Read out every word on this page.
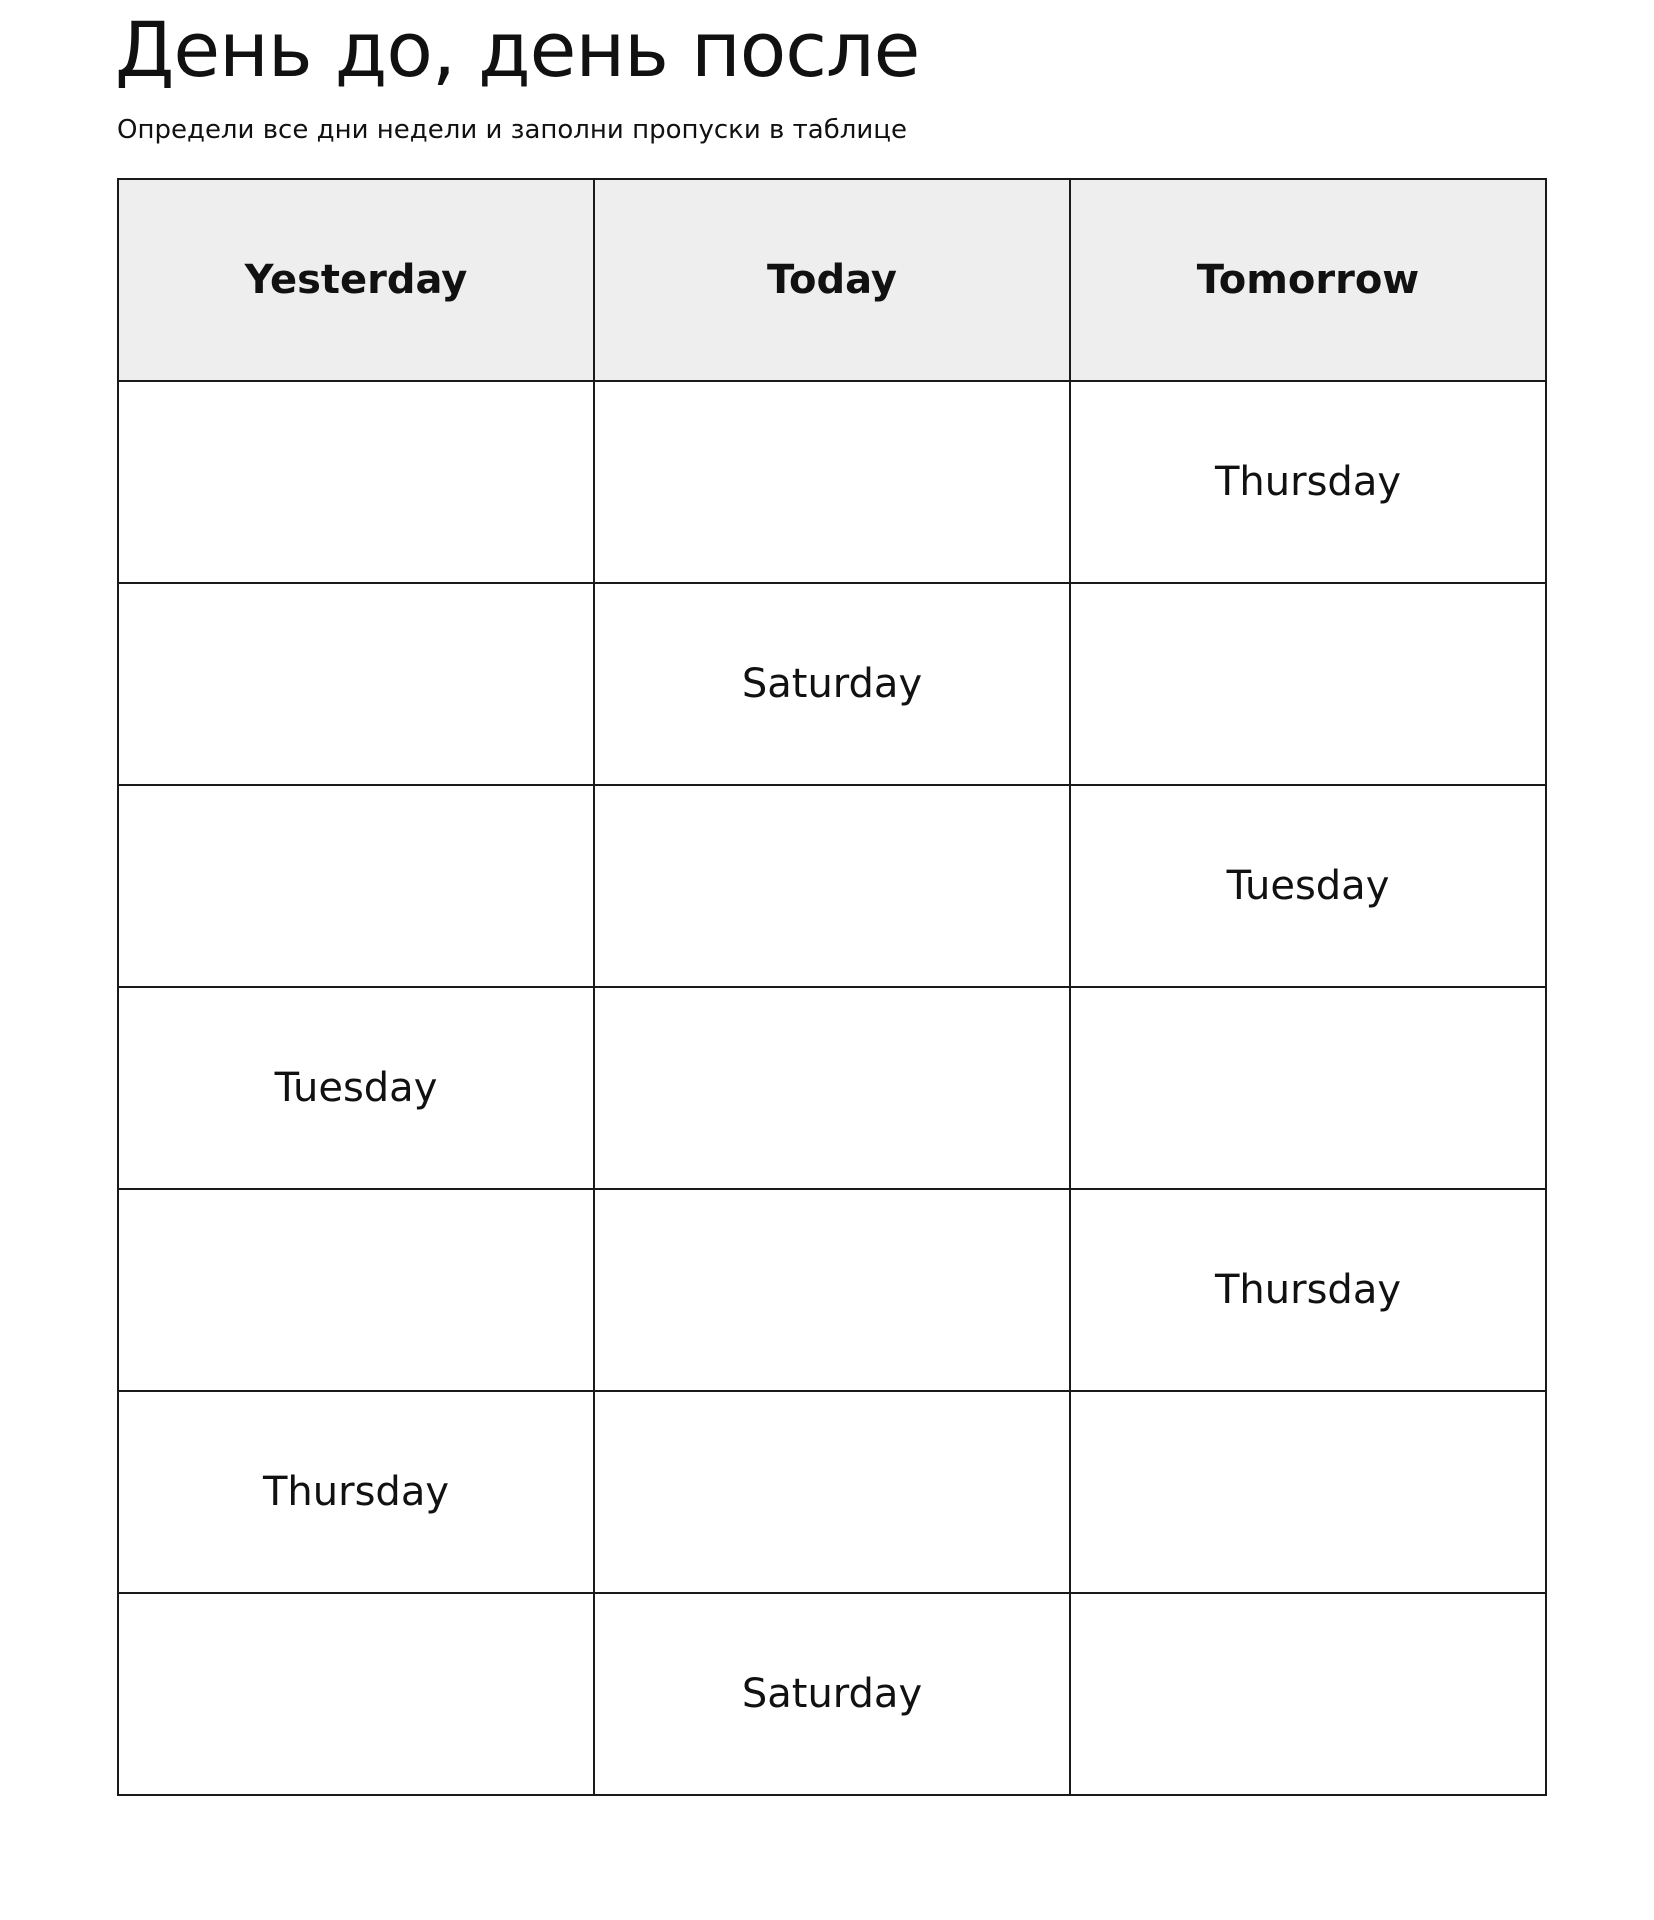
День до, день после

Определи все дни недели и заполни пропуски в таблице

Yesterday	Today	Tomorrow
		Thursday
	Saturday	
		Tuesday
Tuesday		
		Thursday
Thursday		
	Saturday	
